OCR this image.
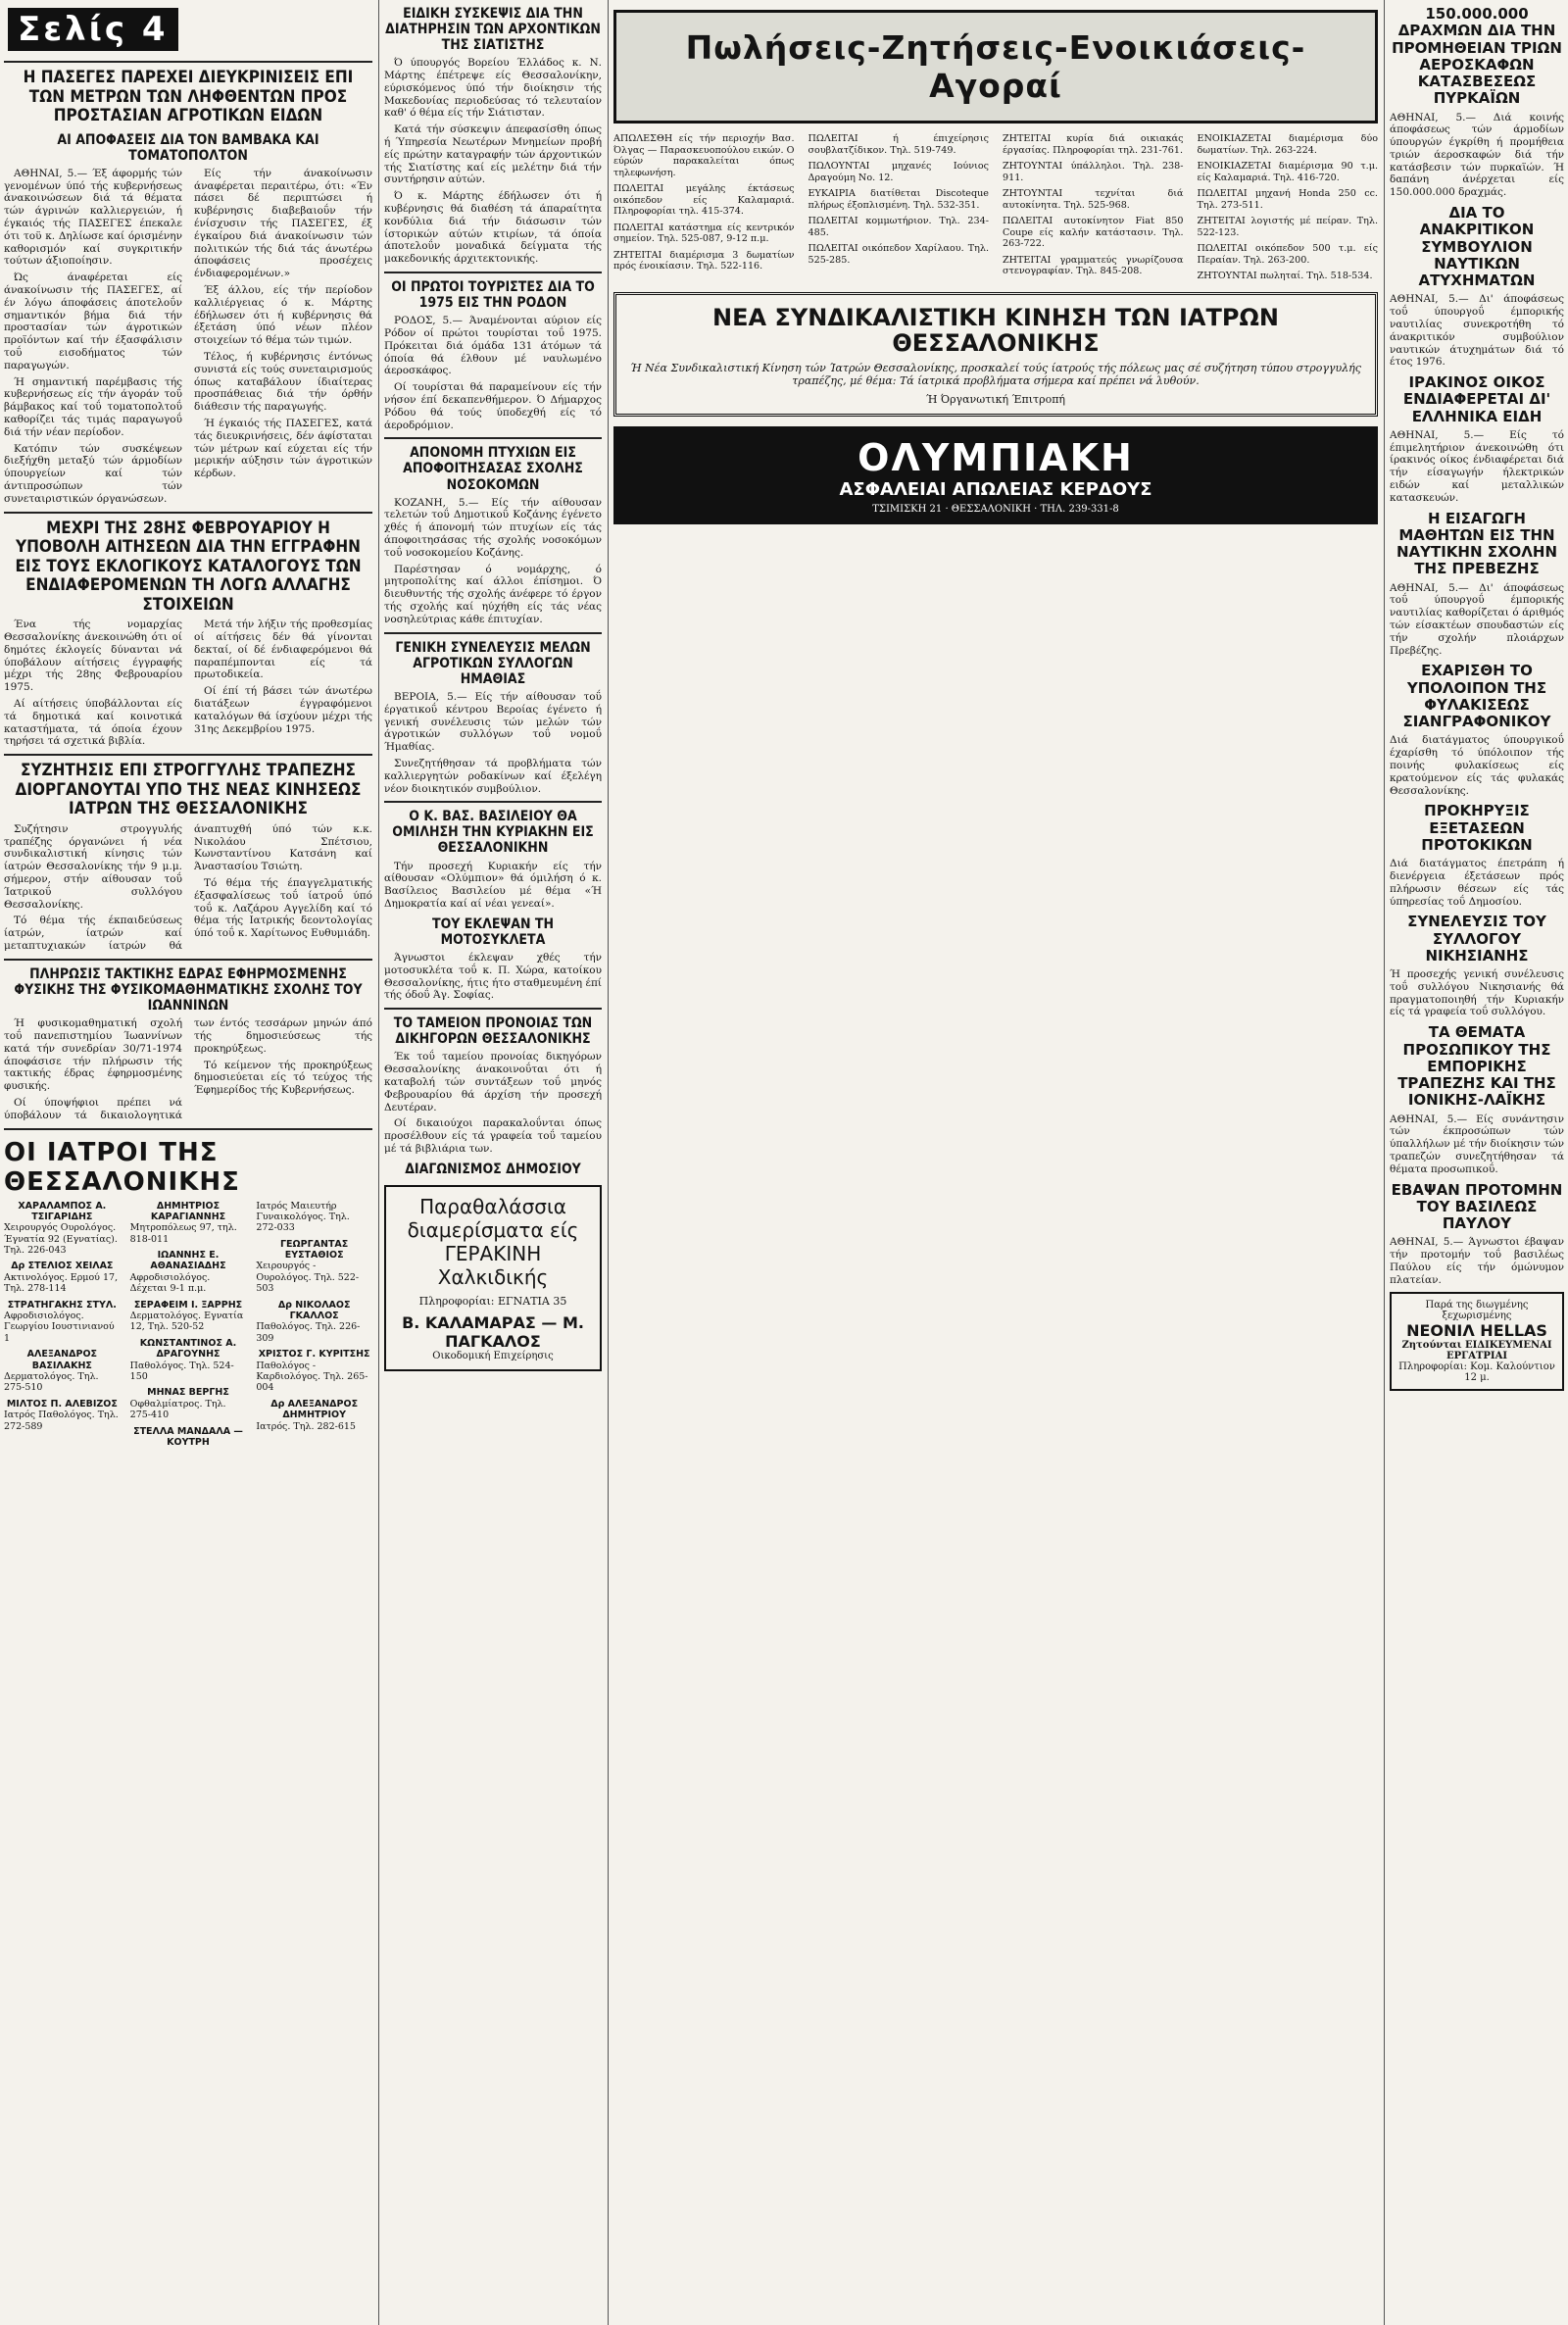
Σελίς 4
Η ΠΑΣΕΓΕΣ ΠΑΡΕΧΕΙ ΔΙΕΥΚΡΙΝΙΣΕΙΣ ΕΠΙ ΤΩΝ ΜΕΤΡΩΝ ΤΩΝ ΛΗΦΘΕΝΤΩΝ ΠΡΟΣ ΠΡΟΣΤΑΣΙΑΝ ΑΓΡΟΤΙΚΩΝ ΕΙΔΩΝ
ΑΙ ΑΠΟΦΑΣΕΙΣ ΔΙΑ ΤΟΝ ΒΑΜΒΑΚΑ ΚΑΙ ΤΟΜΑΤΟΠΟΛΤΟΝ

ΑΘΗΝΑΙ, 5.— Έξ άφορμής τών γενομένων ύπό τής κυβερνήσεως άνακοινώσεων διά τά θέματα τών άγρινών καλλιεργειών, ή έγκαιός τής ΠΑΣΕΓΕΣ έπεκαλε ότι τοϋ κ. Δηλίωσε καί όρισμένην καθορισμόν καί συγκριτικήν τούτων άξιοποίησιν.

Ώς άναφέρεται είς άνακοίνωσιν τής ΠΑΣΕΓΕΣ, αί έν λόγω άποφάσεις άποτελοΰν σημαντικόν βήμα διά τήν προστασίαν τών άγροτικών προϊόντων καί τήν έξασφάλισιν τοΰ εισοδήματος τών παραγωγών.

Ή σημαντική παρέμβασις τής κυβερνήσεως είς τήν άγοράν τοΰ βάμβακος καί τοΰ τοματοπολτοΰ καθορίζει τάς τιμάς παραγωγοΰ διά τήν νέαν περίοδον.

Κατόπιν τών συσκέψεων διεξήχθη μεταξύ τών άρμοδίων ύπουργείων καί τών άντιπροσώπων τών συνεταιριστικών όργανώσεων.

Είς τήν άνακοίνωσιν άναφέρεται περαιτέρω, ότι: «Έν πάσει δέ περιπτώσει ή κυβέρνησις διαβεβαιοΰν τήν ένίσχυσιν τής ΠΑΣΕΓΕΣ, έξ έγκαίρου διά άνακοίνωσιν τών πολιτικών τής διά τάς άνωτέρω άποφάσεις προσέχεις ένδιαφερομένων.»

Έξ άλλου, είς τήν περίοδον καλλιέργειας ό κ. Μάρτης έδήλωσεν ότι ή κυβέρνησις θά έξετάση ύπό νέων πλέον στοιχείων τό θέμα τών τιμών.

Τέλος, ή κυβέρνησις έντόνως συνιστά είς τούς συνεταιρισμούς όπως καταβάλουν ίδιαίτερας προσπάθειας διά τήν όρθήν διάθεσιν τής παραγωγής.

Ή έγκαιός τής ΠΑΣΕΓΕΣ, κατά τάς διευκρινήσεις, δέν άφίσταται τών μέτρων καί εύχεται είς τήν μερικήν αύξησιν τών άγροτικών κέρδων.

ΜΕΧΡΙ ΤΗΣ 28ΗΣ ΦΕΒΡΟΥΑΡΙΟΥ Η ΥΠΟΒΟΛΗ ΑΙΤΗΣΕΩΝ ΔΙΑ ΤΗΝ ΕΓΓΡΑΦΗΝ ΕΙΣ ΤΟΥΣ ΕΚΛΟΓΙΚΟΥΣ ΚΑΤΑΛΟΓΟΥΣ ΤΩΝ ΕΝΔΙΑΦΕΡΟΜΕΝΩΝ ΤΗ ΛΟΓΩ ΑΛΛΑΓΗΣ ΣΤΟΙΧΕΙΩΝ

Ένα τής νομαρχίας Θεσσαλονίκης άνεκοινώθη ότι οί δημότες έκλογείς δύνανται νά ύποβάλουν αίτήσεις έγγραφής μέχρι τής 28ης Φεβρουαρίου 1975.

Αί αίτήσεις ύποβάλλονται είς τά δημοτικά καί κοινοτικά καταστήματα, τά όποία έχουν τηρήσει τά σχετικά βιβλία.

Μετά τήν λήξιν τής προθεσμίας οί αίτήσεις δέν θά γίνονται δεκταί, οί δέ ένδιαφερόμενοι θά παραπέμπονται είς τά πρωτοδικεία.

Οί έπί τή βάσει τών άνωτέρω διατάξεων έγγραφόμενοι καταλόγων θά ίσχύουν μέχρι τής 31ης Δεκεμβρίου 1975.

ΣΥΖΗΤΗΣΙΣ ΕΠΙ ΣΤΡΟΓΓΥΛΗΣ ΤΡΑΠΕΖΗΣ ΔΙΟΡΓΑΝΟΥΤΑΙ ΥΠΟ ΤΗΣ ΝΕΑΣ ΚΙΝΗΣΕΩΣ ΙΑΤΡΩΝ ΤΗΣ ΘΕΣΣΑΛΟΝΙΚΗΣ

Συζήτησιν στρογγυλής τραπέζης όργανώνει ή νέα συνδικαλιστική κίνησις τών ίατρών Θεσσαλονίκης τήν 9 μ.μ. σήμερον, στήν αίθουσαν τοΰ Ίατρικοΰ συλλόγου Θεσσαλονίκης.

Τό θέμα τής έκπαιδεύσεως ίατρών, ίατρών καί μεταπτυχιακών ίατρών θά άναπτυχθή ύπό τών κ.κ. Νικολάου Σπέτσιου, Κωνσταντίνου Κατσάνη καί Άναστασίου Τσιώτη.

Τό θέμα τής έπαγγελματικής έξασφαλίσεως τοΰ ίατροΰ ύπό τοΰ κ. Λαζάρου Αγγελίδη καί τό θέμα τής Ιατρικής δεοντολογίας ύπό τοΰ κ. Χαρίτωνος Ευθυμιάδη.

ΠΛΗΡΩΣΙΣ ΤΑΚΤΙΚΗΣ ΕΔΡΑΣ ΕΦΗΡΜΟΣΜΕΝΗΣ ΦΥΣΙΚΗΣ ΤΗΣ ΦΥΣΙΚΟΜΑΘΗΜΑΤΙΚΗΣ ΣΧΟΛΗΣ ΤΟΥ ΙΩΑΝΝΙΝΩΝ

Ή φυσικομαθηματική σχολή τοΰ πανεπιστημίου Ίωαννίνων κατά τήν συνεδρίαν 30/71-1974 άποφάσισε τήν πλήρωσιν τής τακτικής έδρας έφηρμοσμένης φυσικής.

Οί ύποψήφιοι πρέπει νά ύποβάλουν τά δικαιολογητικά των έντός τεσσάρων μηνών άπό τής δημοσιεύσεως τής προκηρύξεως.

Τό κείμενον τής προκηρύξεως δημοσιεύεται είς τό τεύχος τής Έφημερίδος τής Κυβερνήσεως.

ΟΙ ΙΑΤΡΟΙ ΤΗΣ ΘΕΣΣΑΛΟΝΙΚΗΣ
ΧΑΡΑΛΑΜΠΟΣ Α. ΤΣΙΓΑΡΙΔΗΣ
Χειρουργός Ουρολόγος. Έγνατία 92 (Εγνατίας). Τηλ. 226-043
Δρ ΣΤΕΛΙΟΣ ΧΕΙΛΑΣ
Ακτινολόγος. Ερμού 17, Τηλ. 278-114
ΣΤΡΑΤΗΓΑΚΗΣ ΣΤΥΛ.
Αφροδισιολόγος. Γεωργίου Ιουστινιανού 1
ΑΛΕΞΑΝΔΡΟΣ ΒΑΣΙΛΑΚΗΣ
Δερματολόγος. Τηλ. 275-510
ΜΙΛΤΟΣ Π. ΑΛΕΒΙΖΟΣ
Ιατρός Παθολόγος. Τηλ. 272-589
ΔΗΜΗΤΡΙΟΣ ΚΑΡΑΓΙΑΝΝΗΣ
Μητροπόλεως 97, τηλ. 818-011
ΙΩΑΝΝΗΣ Ε. ΑΘΑΝΑΣΙΑΔΗΣ
Αφροδισιολόγος. Δέχεται 9-1 π.μ.
ΣΕΡΑΦΕΙΜ Ι. ΞΑΡΡΗΣ
Δερματολόγος. Εγνατία 12, Τηλ. 520-52
ΚΩΝΣΤΑΝΤΙΝΟΣ Α. ΔΡΑΓΟΥΝΗΣ
Παθολόγος. Τηλ. 524-150
ΜΗΝΑΣ ΒΕΡΓΗΣ
Οφθαλμίατρος. Τηλ. 275-410
ΣΤΕΛΛΑ ΜΑΝΔΑΛΑ — ΚΟΥΤΡΗ
Ιατρός Μαιευτήρ Γυναικολόγος. Τηλ. 272-033
ΓΕΩΡΓΑΝΤΑΣ ΕΥΣΤΑΘΙΟΣ
Χειρουργός - Ουρολόγος. Τηλ. 522-503
Δρ ΝΙΚΟΛΑΟΣ ΓΚΑΛΛΟΣ
Παθολόγος. Τηλ. 226-309
ΧΡΙΣΤΟΣ Γ. ΚΥΡΙΤΣΗΣ
Παθολόγος - Καρδιολόγος. Τηλ. 265-004
Δρ ΑΛΕΞΑΝΔΡΟΣ ΔΗΜΗΤΡΙΟΥ
Ιατρός. Τηλ. 282-615
ΕΙΔΙΚΗ ΣΥΣΚΕΨΙΣ ΔΙΑ ΤΗΝ ΔΙΑΤΗΡΗΣΙΝ ΤΩΝ ΑΡΧΟΝΤΙΚΩΝ ΤΗΣ ΣΙΑΤΙΣΤΗΣ

Ό ύπουργός Βορείου Έλλάδος κ. Ν. Μάρτης έπέτρεψε είς Θεσσαλονίκην, εύρισκόμενος ύπό τήν διοίκησιν τής Μακεδονίας περιοδεύσας τό τελευταίον καθ' ό θέμα είς τήν Σιάτισταν.

Κατά τήν σύσκεψιν άπεφασίσθη όπως ή Ύπηρεσία Νεωτέρων Μνημείων προβή είς πρώτην καταγραφήν τών άρχοντικών τής Σιατίστης καί είς μελέτην διά τήν συντήρησιν αύτών.

Ό κ. Μάρτης έδήλωσεν ότι ή κυβέρνησις θά διαθέση τά άπαραίτητα κονδύλια διά τήν διάσωσιν τών ίστορικών αύτών κτιρίων, τά όποία άποτελοΰν μοναδικά δείγματα τής μακεδονικής άρχιτεκτονικής.

ΟΙ ΠΡΩΤΟΙ ΤΟΥΡΙΣΤΕΣ ΔΙΑ ΤΟ 1975 ΕΙΣ ΤΗΝ ΡΟΔΟΝ

ΡΟΔΟΣ, 5.— Άναμένονται αύριον είς Ρόδον οί πρώτοι τουρίσται τοΰ 1975. Πρόκειται διά όμάδα 131 άτόμων τά όποία θά έλθουν μέ ναυλωμένο άεροσκάφος.

Οί τουρίσται θά παραμείνουν είς τήν νήσον έπί δεκαπενθήμερον. Ό Δήμαρχος Ρόδου θά τούς ύποδεχθή είς τό άεροδρόμιον.

ΑΠΟΝΟΜΗ ΠΤΥΧΙΩΝ ΕΙΣ ΑΠΟΦΟΙΤΗΣΑΣΑΣ ΣΧΟΛΗΣ ΝΟΣΟΚΟΜΩΝ

ΚΟΖΑΝΗ, 5.— Είς τήν αίθουσαν τελετών τοΰ Δημοτικοΰ Κοζάνης έγένετο χθές ή άπονομή τών πτυχίων είς τάς άποφοιτησάσας τής σχολής νοσοκόμων τοΰ νοσοκομείου Κοζάνης.

Παρέστησαν ό νομάρχης, ό μητροπολίτης καί άλλοι έπίσημοι. Ό διευθυντής τής σχολής άνέφερε τό έργον τής σχολής καί ηύχήθη είς τάς νέας νοσηλεύτριας κάθε έπιτυχίαν.

ΓΕΝΙΚΗ ΣΥΝΕΛΕΥΣΙΣ ΜΕΛΩΝ ΑΓΡΟΤΙΚΩΝ ΣΥΛΛΟΓΩΝ ΗΜΑΘΙΑΣ

ΒΕΡΟΙΑ, 5.— Είς τήν αίθουσαν τοΰ έργατικοΰ κέντρου Βεροίας έγένετο ή γενική συνέλευσις τών μελών τών άγροτικών συλλόγων τοΰ νομοΰ Ήμαθίας.

Συνεζητήθησαν τά προβλήματα τών καλλιεργητών ροδακίνων καί έξελέγη νέον διοικητικόν συμβούλιον.

Ο Κ. ΒΑΣ. ΒΑΣΙΛΕΙΟΥ ΘΑ ΟΜΙΛΗΣΗ ΤΗΝ ΚΥΡΙΑΚΗΝ ΕΙΣ ΘΕΣΣΑΛΟΝΙΚΗΝ

Τήν προσεχή Κυριακήν είς τήν αίθουσαν «Ολύμπιον» θά όμιλήση ό κ. Βασίλειος Βασιλείου μέ θέμα «Ή Δημοκρατία καί αί νέαι γενεαί».

ΤΟΥ ΕΚΛΕΨΑΝ ΤΗ ΜΟΤΟΣΥΚΛΕΤΑ

Άγνωστοι έκλεψαν χθές τήν μοτοσυκλέτα τοΰ κ. Π. Χώρα, κατοίκου Θεσσαλονίκης, ήτις ήτο σταθμευμένη έπί τής όδοΰ Άγ. Σοφίας.

ΤΟ ΤΑΜΕΙΟΝ ΠΡΟΝΟΙΑΣ ΤΩΝ ΔΙΚΗΓΟΡΩΝ ΘΕΣΣΑΛΟΝΙΚΗΣ

Έκ τοΰ ταμείου προνοίας δικηγόρων Θεσσαλονίκης άνακοινοΰται ότι ή καταβολή τών συντάξεων τοΰ μηνός Φεβρουαρίου θά άρχίση τήν προσεχή Δευτέραν.

Οί δικαιούχοι παρακαλοΰνται όπως προσέλθουν είς τά γραφεία τοΰ ταμείου μέ τά βιβλιάρια των.

ΔΙΑΓΩΝΙΣΜΟΣ ΔΗΜΟΣΙΟΥ
Παραθαλάσσια διαμερίσματα είς ΓΕΡΑΚΙΝΗ Χαλκιδικής
Πληροφορίαι: ΕΓΝΑΤΙΑ 35
Β. ΚΑΛΑΜΑΡΑΣ — Μ. ΠΑΓΚΑΛΟΣ
Οικοδομική Επιχείρησις
Πωλήσεις-Ζητήσεις-Ενοικιάσεις-Αγοραί
ΑΠΩΛΕΣΘΗ είς τήν περιοχήν Βασ. Όλγας — Παρασκευοπούλου εικών. Ο εύρών παρακαλείται όπως τηλεφωνήση.
ΠΩΛΕΙΤΑΙ μεγάλης έκτάσεως οικόπεδον είς Καλαμαριά. Πληροφορίαι τηλ. 415-374.
ΠΩΛΕΙΤΑΙ κατάστημα είς κεντρικόν σημείον. Τηλ. 525-087, 9-12 π.μ.
ΖΗΤΕΙΤΑΙ διαμέρισμα 3 δωματίων πρός ένοικίασιν. Τηλ. 522-116.
ΠΩΛΕΙΤΑΙ ή έπιχείρησις σουβλατζίδικον. Τηλ. 519-749.
ΠΩΛΟΥΝΤΑΙ μηχανές Ιούνιος Δραγούμη Νο. 12.
ΕΥΚΑΙΡΙΑ διατίθεται Discoteque πλήρως έξοπλισμένη. Τηλ. 532-351.
ΠΩΛΕΙΤΑΙ κομμωτήριον. Τηλ. 234-485.
ΠΩΛΕΙΤΑΙ οικόπεδον Χαρίλαου. Τηλ. 525-285.
ΖΗΤΕΙΤΑΙ κυρία διά οικιακάς έργασίας. Πληροφορίαι τηλ. 231-761.
ΖΗΤΟΥΝΤΑΙ ύπάλληλοι. Τηλ. 238-911.
ΖΗΤΟΥΝΤΑΙ τεχνίται διά αυτοκίνητα. Τηλ. 525-968.
ΠΩΛΕΙΤΑΙ αυτοκίνητον Fiat 850 Coupe είς καλήν κατάστασιν. Τηλ. 263-722.
ΖΗΤΕΙΤΑΙ γραμματεύς γνωρίζουσα στενογραφίαν. Τηλ. 845-208.
ΕΝΟΙΚΙΑΖΕΤΑΙ διαμέρισμα δύο δωματίων. Τηλ. 263-224.
ΕΝΟΙΚΙΑΖΕΤΑΙ διαμέρισμα 90 τ.μ. είς Καλαμαριά. Τηλ. 416-720.
ΠΩΛΕΙΤΑΙ μηχανή Honda 250 cc. Τηλ. 273-511.
ΖΗΤΕΙΤΑΙ λογιστής μέ πείραν. Τηλ. 522-123.
ΠΩΛΕΙΤΑΙ οικόπεδον 500 τ.μ. είς Περαίαν. Τηλ. 263-200.
ΖΗΤΟΥΝΤΑΙ πωληταί. Τηλ. 518-534.
ΝΕΑ ΣΥΝΔΙΚΑΛΙΣΤΙΚΗ ΚΙΝΗΣΗ ΤΩΝ ΙΑΤΡΩΝ ΘΕΣΣΑΛΟΝΙΚΗΣ
Ή Νέα Συνδικαλιστική Κίνηση τών Ίατρών Θεσσαλονίκης, προσκαλεί τούς ίατρούς τής πόλεως μας σέ συζήτηση τύπου στρογγυλής τραπέζης, μέ θέμα: Τά ίατρικά προβλήματα σήμερα καί πρέπει νά λυθούν.
Ή Όργανωτική Έπιτροπή
ΟΛΥΜΠΙΑΚΗ
ΑΣΦΑΛΕΙΑΙ ΑΠΩΛΕΙΑΣ ΚΕΡΔΟΥΣ
ΤΣΙΜΙΣΚΗ 21 · ΘΕΣΣΑΛΟΝΙΚΗ · ΤΗΛ. 239-331-8
150.000.000 ΔΡΑΧΜΩΝ ΔΙΑ ΤΗΝ ΠΡΟΜΗΘΕΙΑΝ ΤΡΙΩΝ ΑΕΡΟΣΚΑΦΩΝ ΚΑΤΑΣΒΕΣΕΩΣ ΠΥΡΚΑΪΩΝ
ΑΘΗΝΑΙ, 5.— Διά κοινής άποφάσεως τών άρμοδίων ύπουργών έγκρίθη ή προμήθεια τριών άεροσκαφών διά τήν κατάσβεσιν τών πυρκαϊών. Ή δαπάνη άνέρχεται είς 150.000.000 δραχμάς.
ΔΙΑ ΤΟ ΑΝΑΚΡΙΤΙΚΟΝ ΣΥΜΒΟΥΛΙΟΝ ΝΑΥΤΙΚΩΝ ΑΤΥΧΗΜΑΤΩΝ
ΑΘΗΝΑΙ, 5.— Δι' άποφάσεως τοΰ ύπουργοΰ έμπορικής ναυτιλίας συνεκροτήθη τό άνακριτικόν συμβούλιον ναυτικών άτυχημάτων διά τό έτος 1976.
ΙΡΑΚΙΝΟΣ ΟΙΚΟΣ ΕΝΔΙΑΦΕΡΕΤΑΙ ΔΙ' ΕΛΛΗΝΙΚΑ ΕΙΔΗ
ΑΘΗΝΑΙ, 5.— Είς τό έπιμελητήριον άνεκοινώθη ότι ίρακινός οίκος ένδιαφέρεται διά τήν είσαγωγήν ήλεκτρικών ειδών καί μεταλλικών κατασκευών.
Η ΕΙΣΑΓΩΓΗ ΜΑΘΗΤΩΝ ΕΙΣ ΤΗΝ ΝΑΥΤΙΚΗΝ ΣΧΟΛΗΝ ΤΗΣ ΠΡΕΒΕΖΗΣ
ΑΘΗΝΑΙ, 5.— Δι' άποφάσεως τοΰ ύπουργοΰ έμπορικής ναυτιλίας καθορίζεται ό άριθμός τών είσακτέων σπουδαστών είς τήν σχολήν πλοιάρχων Πρεβέζης.
ΕΧΑΡΙΣΘΗ ΤΟ ΥΠΟΛΟΙΠΟΝ ΤΗΣ ΦΥΛΑΚΙΣΕΩΣ ΣΙΑΝΓΡΑΦΟΝΙΚΟΥ
Διά διατάγματος ύπουργικοΰ έχαρίσθη τό ύπόλοιπον τής ποινής φυλακίσεως είς κρατούμενον είς τάς φυλακάς Θεσσαλονίκης.
ΠΡΟΚΗΡΥΞΙΣ ΕΞΕΤΑΣΕΩΝ ΠΡΟΤΟΚΙΚΩΝ
Διά διατάγματος έπετράπη ή διενέργεια έξετάσεων πρός πλήρωσιν θέσεων είς τάς ύπηρεσίας τοΰ Δημοσίου.
ΣΥΝΕΛΕΥΣΙΣ ΤΟΥ ΣΥΛΛΟΓΟΥ ΝΙΚΗΣΙΑΝΗΣ
Ή προσεχής γενική συνέλευσις τοΰ συλλόγου Νικησιανής θά πραγματοποιηθή τήν Κυριακήν είς τά γραφεία τοΰ συλλόγου.
ΤΑ ΘΕΜΑΤΑ ΠΡΟΣΩΠΙΚΟΥ ΤΗΣ ΕΜΠΟΡΙΚΗΣ ΤΡΑΠΕΖΗΣ ΚΑΙ ΤΗΣ ΙΟΝΙΚΗΣ-ΛΑΪΚΗΣ
ΑΘΗΝΑΙ, 5.— Είς συνάντησιν τών έκπροσώπων τών ύπαλλήλων μέ τήν διοίκησιν τών τραπεζών συνεζητήθησαν τά θέματα προσωπικοΰ.
ΕΒΑΨΑΝ ΠΡΟΤΟΜΗΝ ΤΟΥ ΒΑΣΙΛΕΩΣ ΠΑΥΛΟΥ
ΑΘΗΝΑΙ, 5.— Άγνωστοι έβαψαν τήν προτομήν τοΰ βασιλέως Παύλου είς τήν όμώνυμον πλατείαν.
Παρά της διωγμένης ξεχωρισμένης
ΝΕΟΝΙΛ HELLAS
Ζητούνται ΕΙΔΙΚΕΥΜΕΝΑΙ ΕΡΓΑΤΡΙΑΙ
Πληροφορίαι: Κομ. Καλούντιον 12 μ.
